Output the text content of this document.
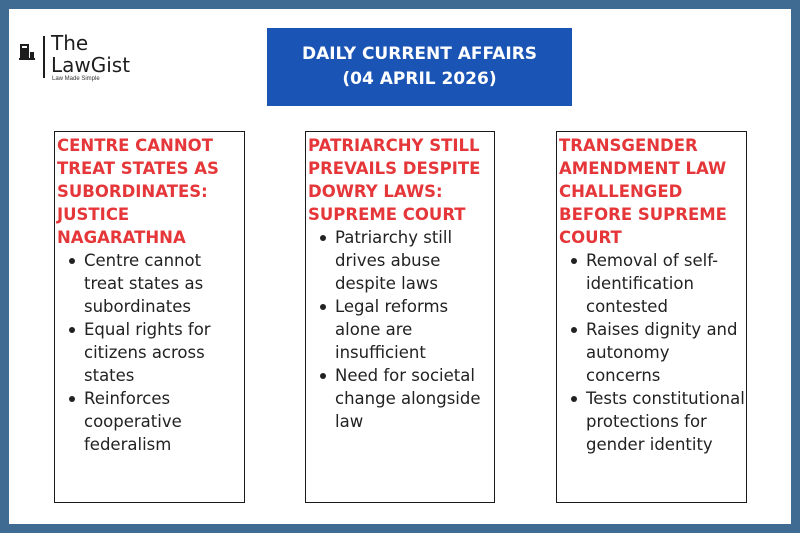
The
LawGist
Law Made Simple
DAILY CURRENT AFFAIRS
(04 APRIL 2026)
CENTRE CANNOT TREAT STATES AS SUBORDINATES: JUSTICE NAGARATHNA
Centre cannot treat states as subordinates
Equal rights for citizens across states
Reinforces cooperative federalism
PATRIARCHY STILL PREVAILS DESPITE DOWRY LAWS: SUPREME COURT
Patriarchy still drives abuse despite laws
Legal reforms alone are insufficient
Need for societal change alongside law
TRANSGENDER AMENDMENT LAW CHALLENGED BEFORE SUPREME COURT
Removal of self-identification contested
Raises dignity and autonomy concerns
Tests constitutional protections for gender identity
